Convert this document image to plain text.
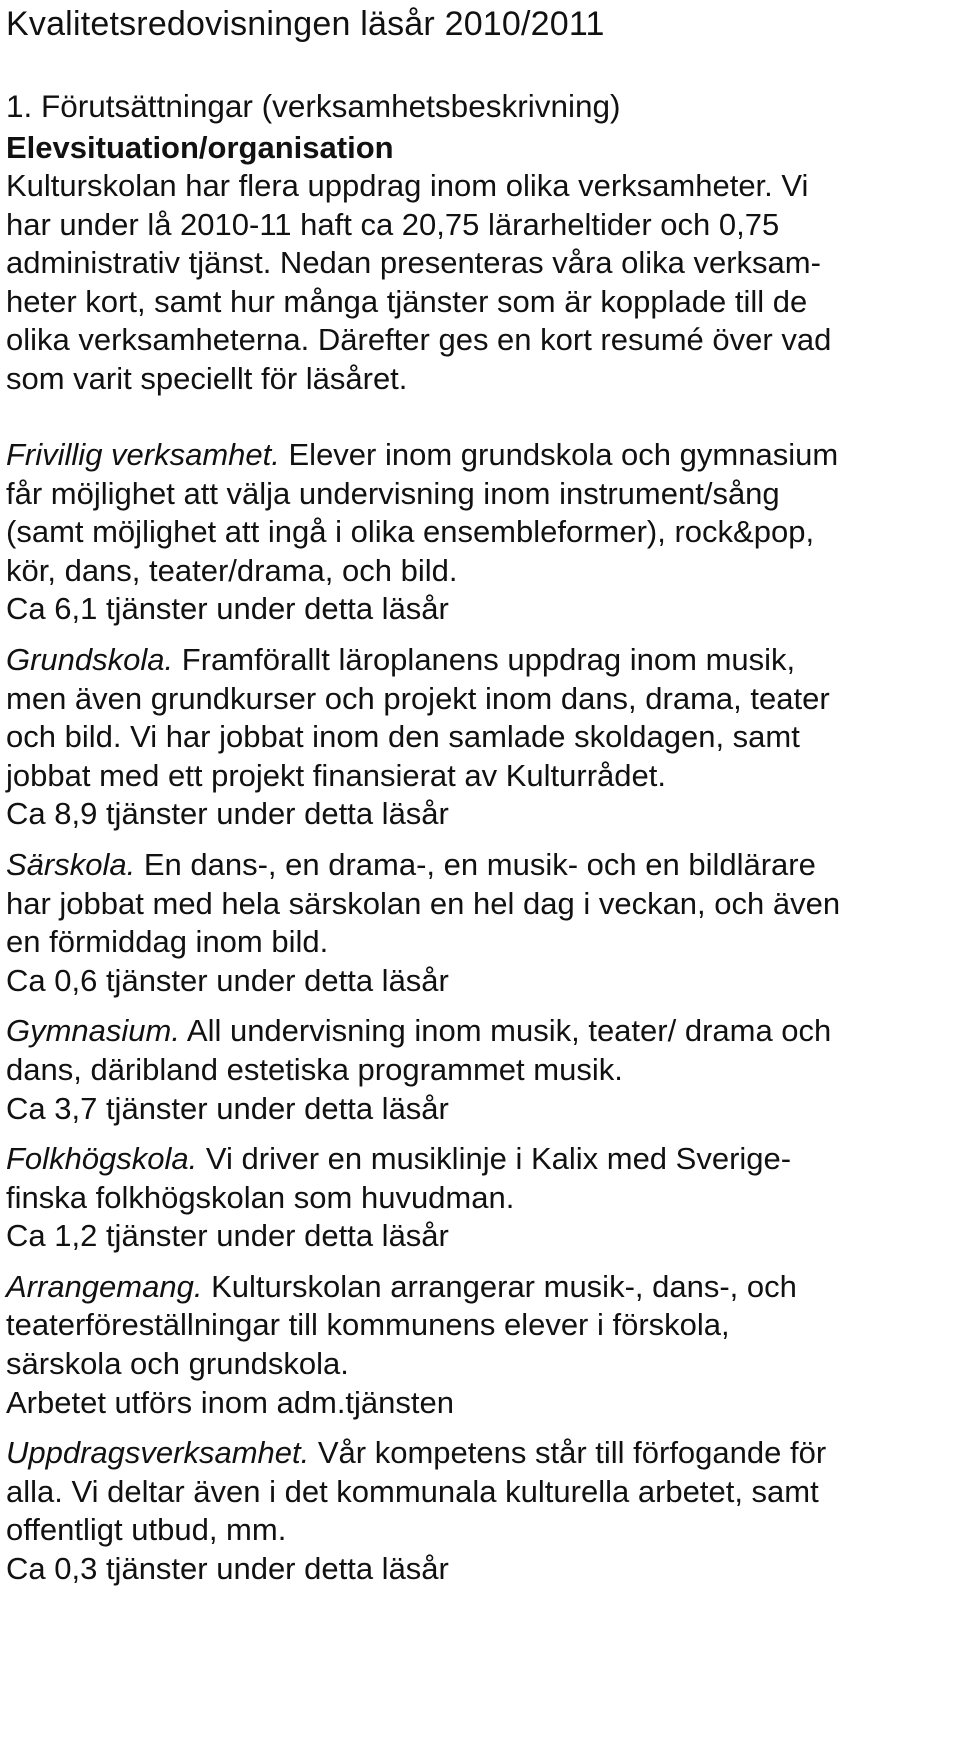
Kvalitetsredovisningen läsår 2010/2011
1. Förutsättningar (verksamhetsbeskrivning)
Elevsituation/organisation

Kulturskolan har flera uppdrag inom olika verksamheter. Vi
har under lå 2010-11 haft ca 20,75 lärarheltider och 0,75
administrativ tjänst. Nedan presenteras våra olika verksam-
heter kort, samt hur många tjänster som är kopplade till de
olika verksamheterna. Därefter ges en kort resumé över vad
som varit speciellt för läsåret.

Frivillig verksamhet. Elever inom grundskola och gymnasium
får möjlighet att välja undervisning inom instrument/sång
(samt möjlighet att ingå i olika ensembleformer), rock&pop,
kör, dans, teater/drama, och bild.
Ca 6,1 tjänster under detta läsår

Grundskola. Framförallt läroplanens uppdrag inom musik,
men även grundkurser och projekt inom dans, drama, teater
och bild. Vi har jobbat inom den samlade skoldagen, samt
jobbat med ett projekt finansierat av Kulturrådet.
Ca 8,9 tjänster under detta läsår

Särskola. En dans-, en drama-, en musik- och en bildlärare
har jobbat med hela särskolan en hel dag i veckan, och även
en förmiddag inom bild.
Ca 0,6 tjänster under detta läsår

Gymnasium. All undervisning inom musik, teater/ drama och
dans, däribland estetiska programmet musik.
Ca 3,7 tjänster under detta läsår

Folkhögskola. Vi driver en musiklinje i Kalix med Sverige-
finska folkhögskolan som huvudman.
Ca 1,2 tjänster under detta läsår

Arrangemang. Kulturskolan arrangerar musik-, dans-, och
teaterföreställningar till kommunens elever i förskola,
särskola och grundskola.
Arbetet utförs inom adm.tjänsten

Uppdragsverksamhet. Vår kompetens står till förfogande för
alla. Vi deltar även i det kommunala kulturella arbetet, samt
offentligt utbud, mm.
Ca 0,3 tjänster under detta läsår
